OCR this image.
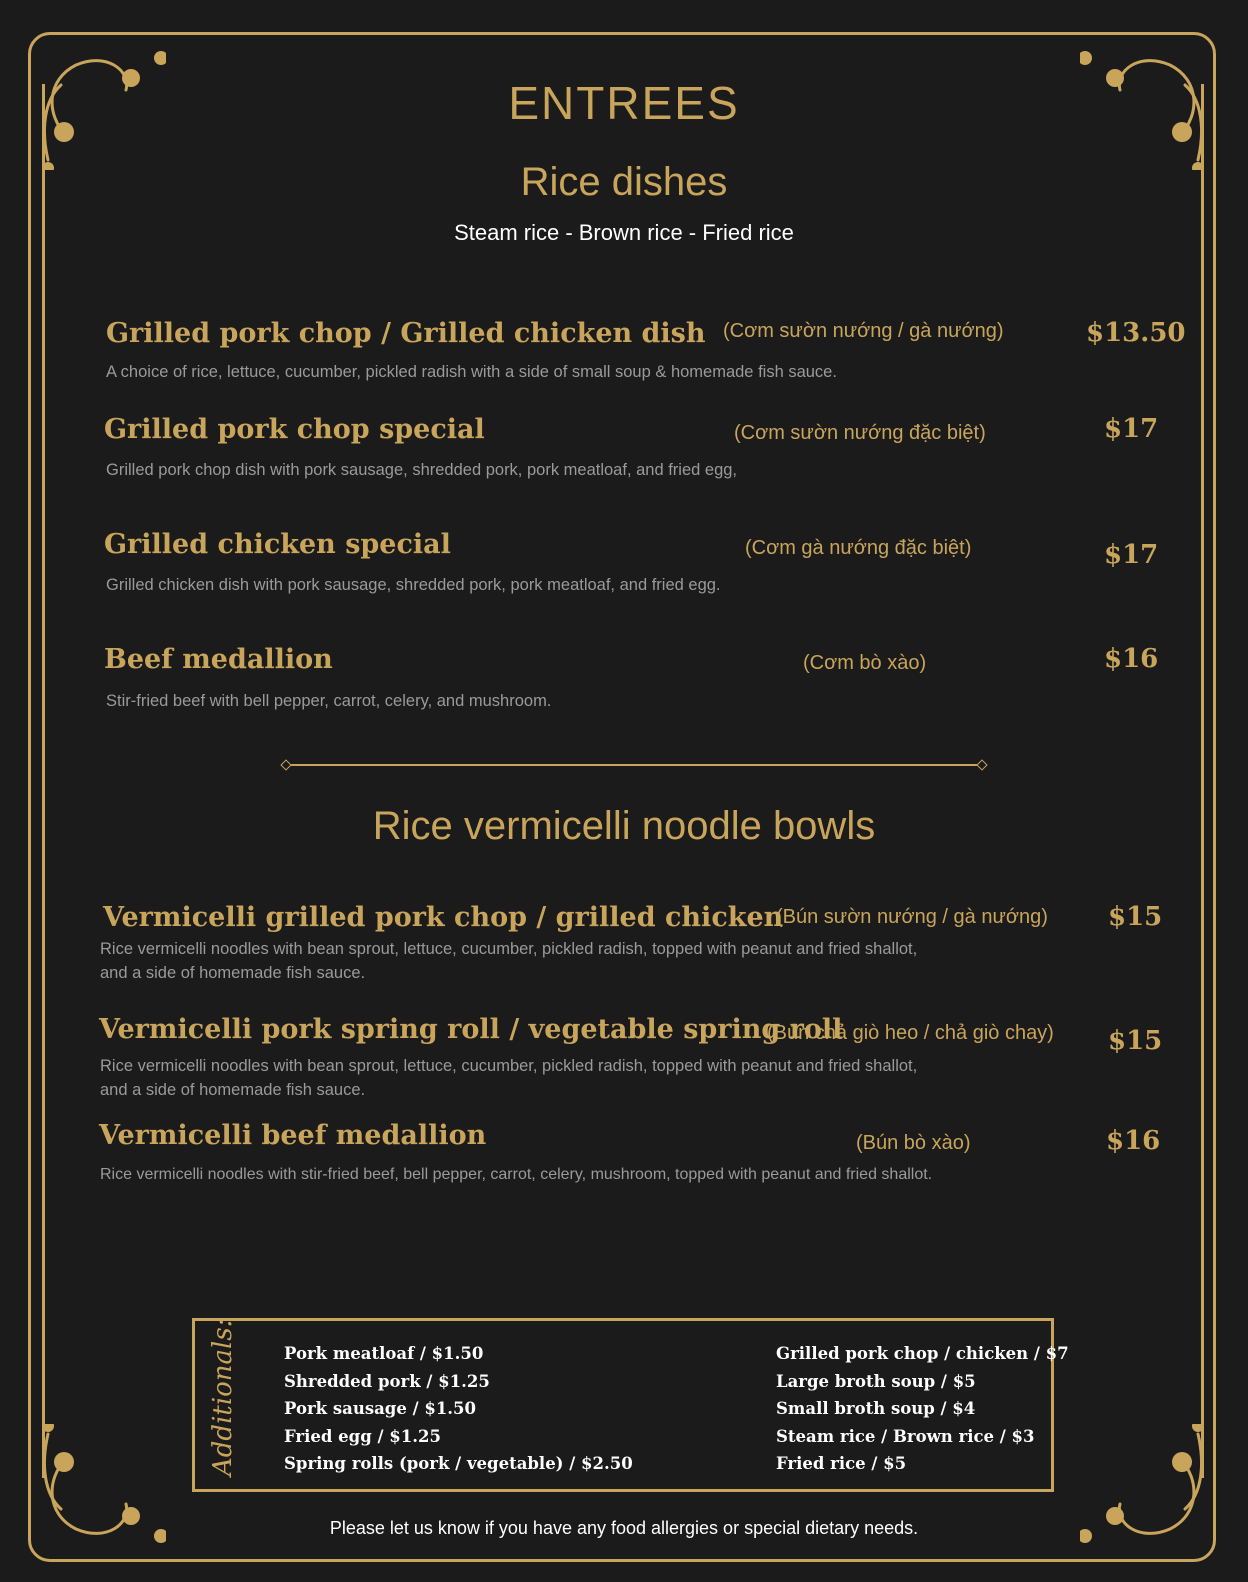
ENTREES
Rice dishes
Steam rice - Brown rice - Fried rice
Grilled pork chop / Grilled chicken dish (Cơm sườn nướng / gà nướng)	$13.50
A choice of rice, lettuce, cucumber, pickled radish with a side of small soup & homemade fish sauce.
Grilled pork chop special	(Cơm sườn nướng đặc biệt)	$17
Grilled pork chop dish with pork sausage, shredded pork, pork meatloaf, and fried egg,
Grilled chicken special	(Cơm gà nướng đặc biệt)	$17
Grilled chicken dish with pork sausage, shredded pork, pork meatloaf, and fried egg.
Beef medallion	(Cơm bò xào)	$16
Stir-fried beef with bell pepper, carrot, celery, and mushroom.
Rice vermicelli noodle bowls
Vermicelli grilled pork chop / grilled chicken
(Bún sườn nướng / gà nướng) $15
Rice vermicelli noodles with bean sprout, lettuce, cucumber, pickled radish, topped with peanut and fried shallot,
and a side of homemade fish sauce.
Vermicelli pork spring roll / vegetable spring roll
(Bún chả giò heo / chả giò chay) $15
Rice vermicelli noodles with bean sprout, lettuce, cucumber, pickled radish, topped with peanut and fried shallot,
and a side of homemade fish sauce.
Vermicelli beef medallion	(Bún bò xào)	$16
Rice vermicelli noodles with stir-fried beef, bell pepper, carrot, celery, mushroom, topped with peanut and fried shallot.
Additionals:	Pork meatloaf / $1.50
Shredded pork / $1.25
Pork sausage / $1.50
Fried egg / $1.25
Spring rolls (pork / vegetable) / $2.50
Grilled pork chop / chicken / $7
Large broth soup / $5
Small broth soup / $4
Steam rice / Brown rice / $3
Fried rice / $5
Please let us know if you have any food allergies or special dietary needs.
